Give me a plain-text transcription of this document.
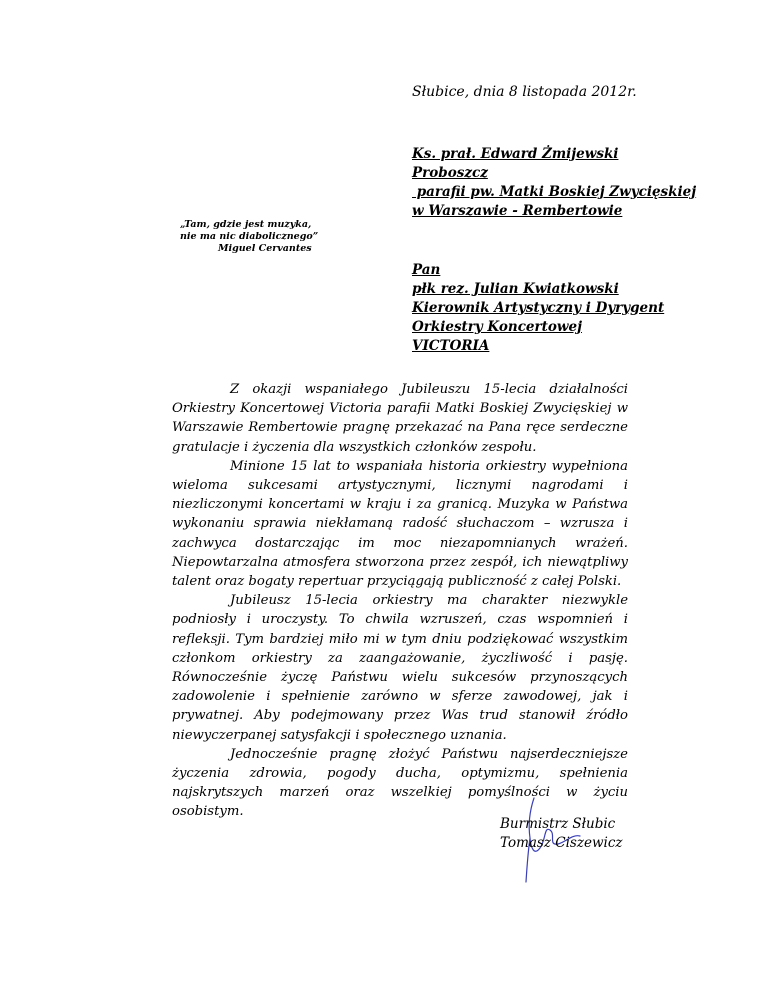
Słubice, dnia 8 listopada 2012r.
Ks. prał. Edward Żmijewski
Proboszcz
parafii pw. Matki Boskiej Zwycięskiej
w Warszawie - Rembertowie
„Tam, gdzie jest muzyka,
nie ma nic diabolicznego”
Miguel Cervantes
Pan
płk rez. Julian Kwiatkowski
Kierownik Artystyczny i Dyrygent
Orkiestry Koncertowej
VICTORIA

Z okazji wspaniałego Jubileuszu 15-lecia działalności Orkiestry Koncertowej Victoria parafii Matki Boskiej Zwycięskiej w Warszawie Rembertowie pragnę przekazać na Pana ręce serdeczne gratulacje i życzenia dla wszystkich członków zespołu.

Minione 15 lat to wspaniała historia orkiestry wypełniona wieloma sukcesami artystycznymi, licznymi nagrodami i niezliczonymi koncertami w kraju i za granicą. Muzyka w Państwa wykonaniu sprawia niekłamaną radość słuchaczom – wzrusza i zachwyca dostarczając im moc niezapomnianych wrażeń. Niepowtarzalna atmosfera stworzona przez zespół, ich niewątpliwy talent oraz bogaty repertuar przyciągają publiczność z całej Polski.

Jubileusz 15-lecia orkiestry ma charakter niezwykle podniosły i uroczysty. To chwila wzruszeń, czas wspomnień i refleksji. Tym bardziej miło mi w tym dniu podziękować wszystkim członkom orkiestry za zaangażowanie, życzliwość i pasję. Równocześnie życzę Państwu wielu sukcesów przynoszących zadowolenie i spełnienie zarówno w sferze zawodowej, jak i prywatnej. Aby podejmowany przez Was trud stanowił źródło niewyczerpanej satysfakcji i społecznego uznania.

Jednocześnie pragnę złożyć Państwu najserdeczniejsze życzenia zdrowia, pogody ducha, optymizmu, spełnienia najskrytszych marzeń oraz wszelkiej pomyślności w życiu osobistym.

Burmistrz Słubic
Tomasz Ciszewicz
